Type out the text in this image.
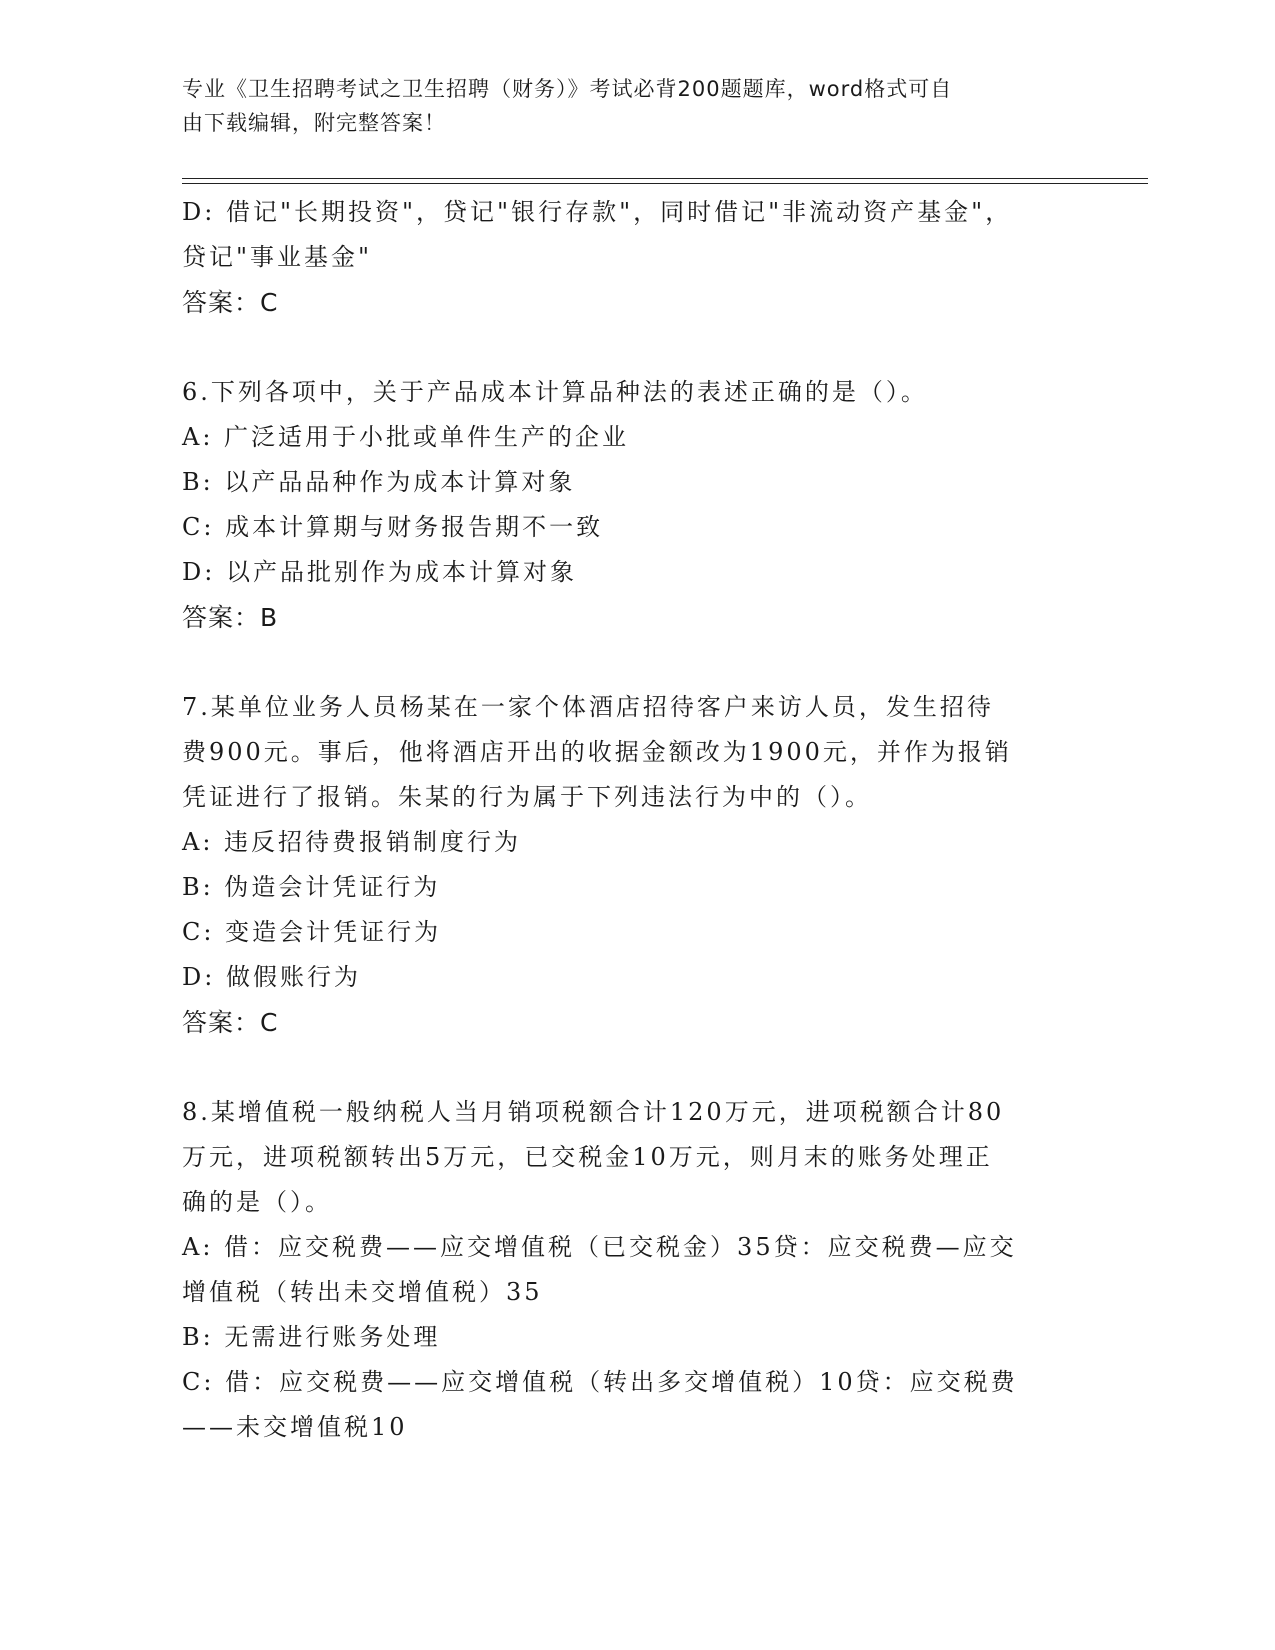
专业《卫生招聘考试之卫生招聘（财务）》考试必背200题题库，word格式可自
由下载编辑，附完整答案！
D: 借记"长期投资"，贷记"银行存款"，同时借记"非流动资产基金"，
贷记"事业基金"
答案：C
6.下列各项中，关于产品成本计算品种法的表述正确的是（）。
A: 广泛适用于小批或单件生产的企业
B: 以产品品种作为成本计算对象
C: 成本计算期与财务报告期不一致
D: 以产品批别作为成本计算对象
答案：B
7.某单位业务人员杨某在一家个体酒店招待客户来访人员，发生招待
费900元。事后，他将酒店开出的收据金额改为1900元，并作为报销
凭证进行了报销。朱某的行为属于下列违法行为中的（）。
A: 违反招待费报销制度行为
B: 伪造会计凭证行为
C: 变造会计凭证行为
D: 做假账行为
答案：C
8.某增值税一般纳税人当月销项税额合计120万元，进项税额合计80
万元，进项税额转出5万元，已交税金10万元，则月末的账务处理正
确的是（）。
A: 借：应交税费——应交增值税（已交税金）35贷：应交税费—应交
增值税（转出未交增值税）35
B: 无需进行账务处理
C: 借：应交税费——应交增值税（转出多交增值税）10贷：应交税费
——未交增值税10
